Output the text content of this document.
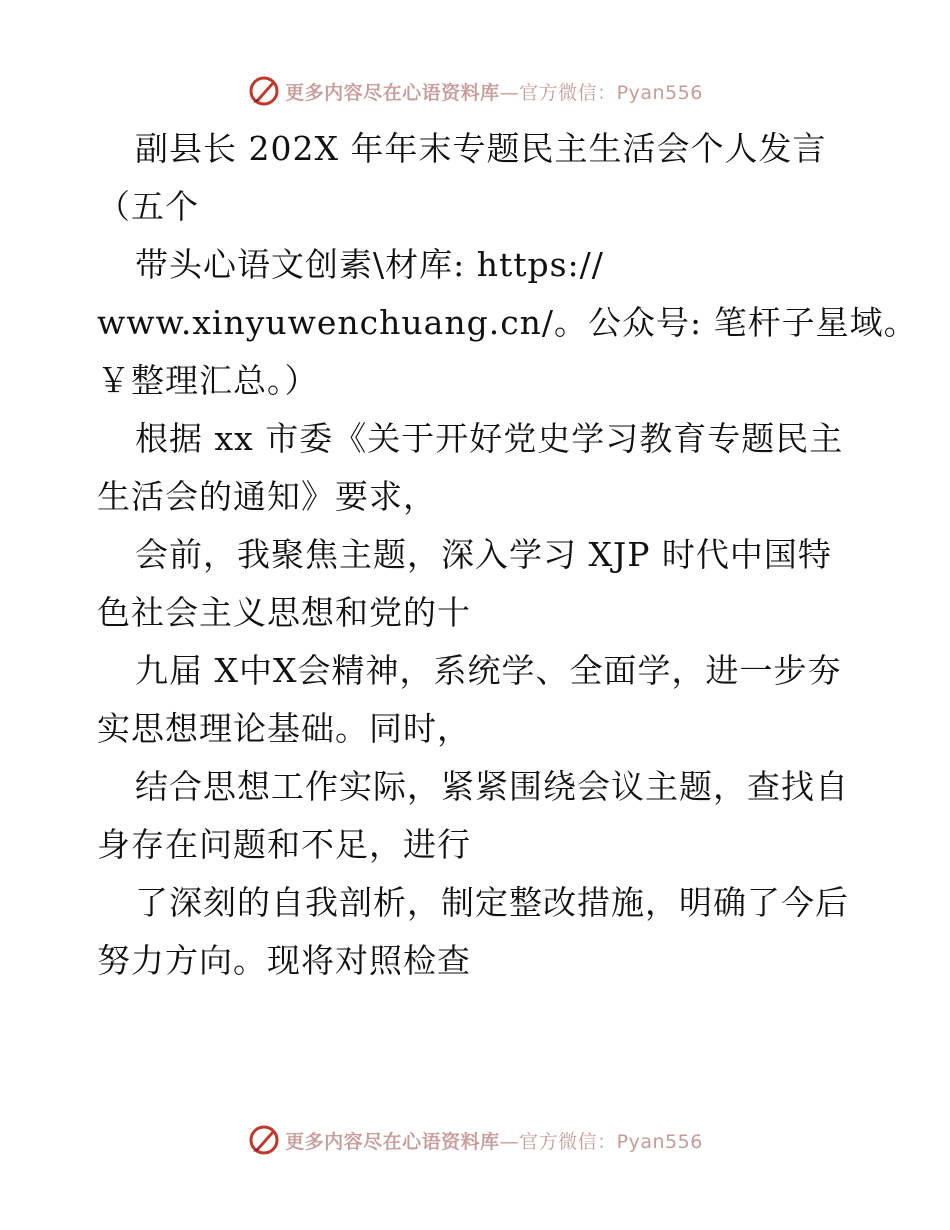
更多内容尽在心语资料库—官方微信：Pyan556
副县长 202X 年年末专题民主生活会个人发言
（五个
带头心语文创素\材库: https://
www.xinyuwenchuang.cn/。公众号: 笔杆子星域。
￥整理汇总。）
根据 xx 市委《关于开好党史学习教育专题民主
生活会的通知》要求，
会前，我聚焦主题，深入学习 XJP 时代中国特
色社会主义思想和党的十
九届 X中X会精神，系统学、全面学，进一步夯
实思想理论基础。同时，
结合思想工作实际，紧紧围绕会议主题，查找自
身存在问题和不足，进行
了深刻的自我剖析，制定整改措施，明确了今后
努力方向。现将对照检查
更多内容尽在心语资料库—官方微信：Pyan556
